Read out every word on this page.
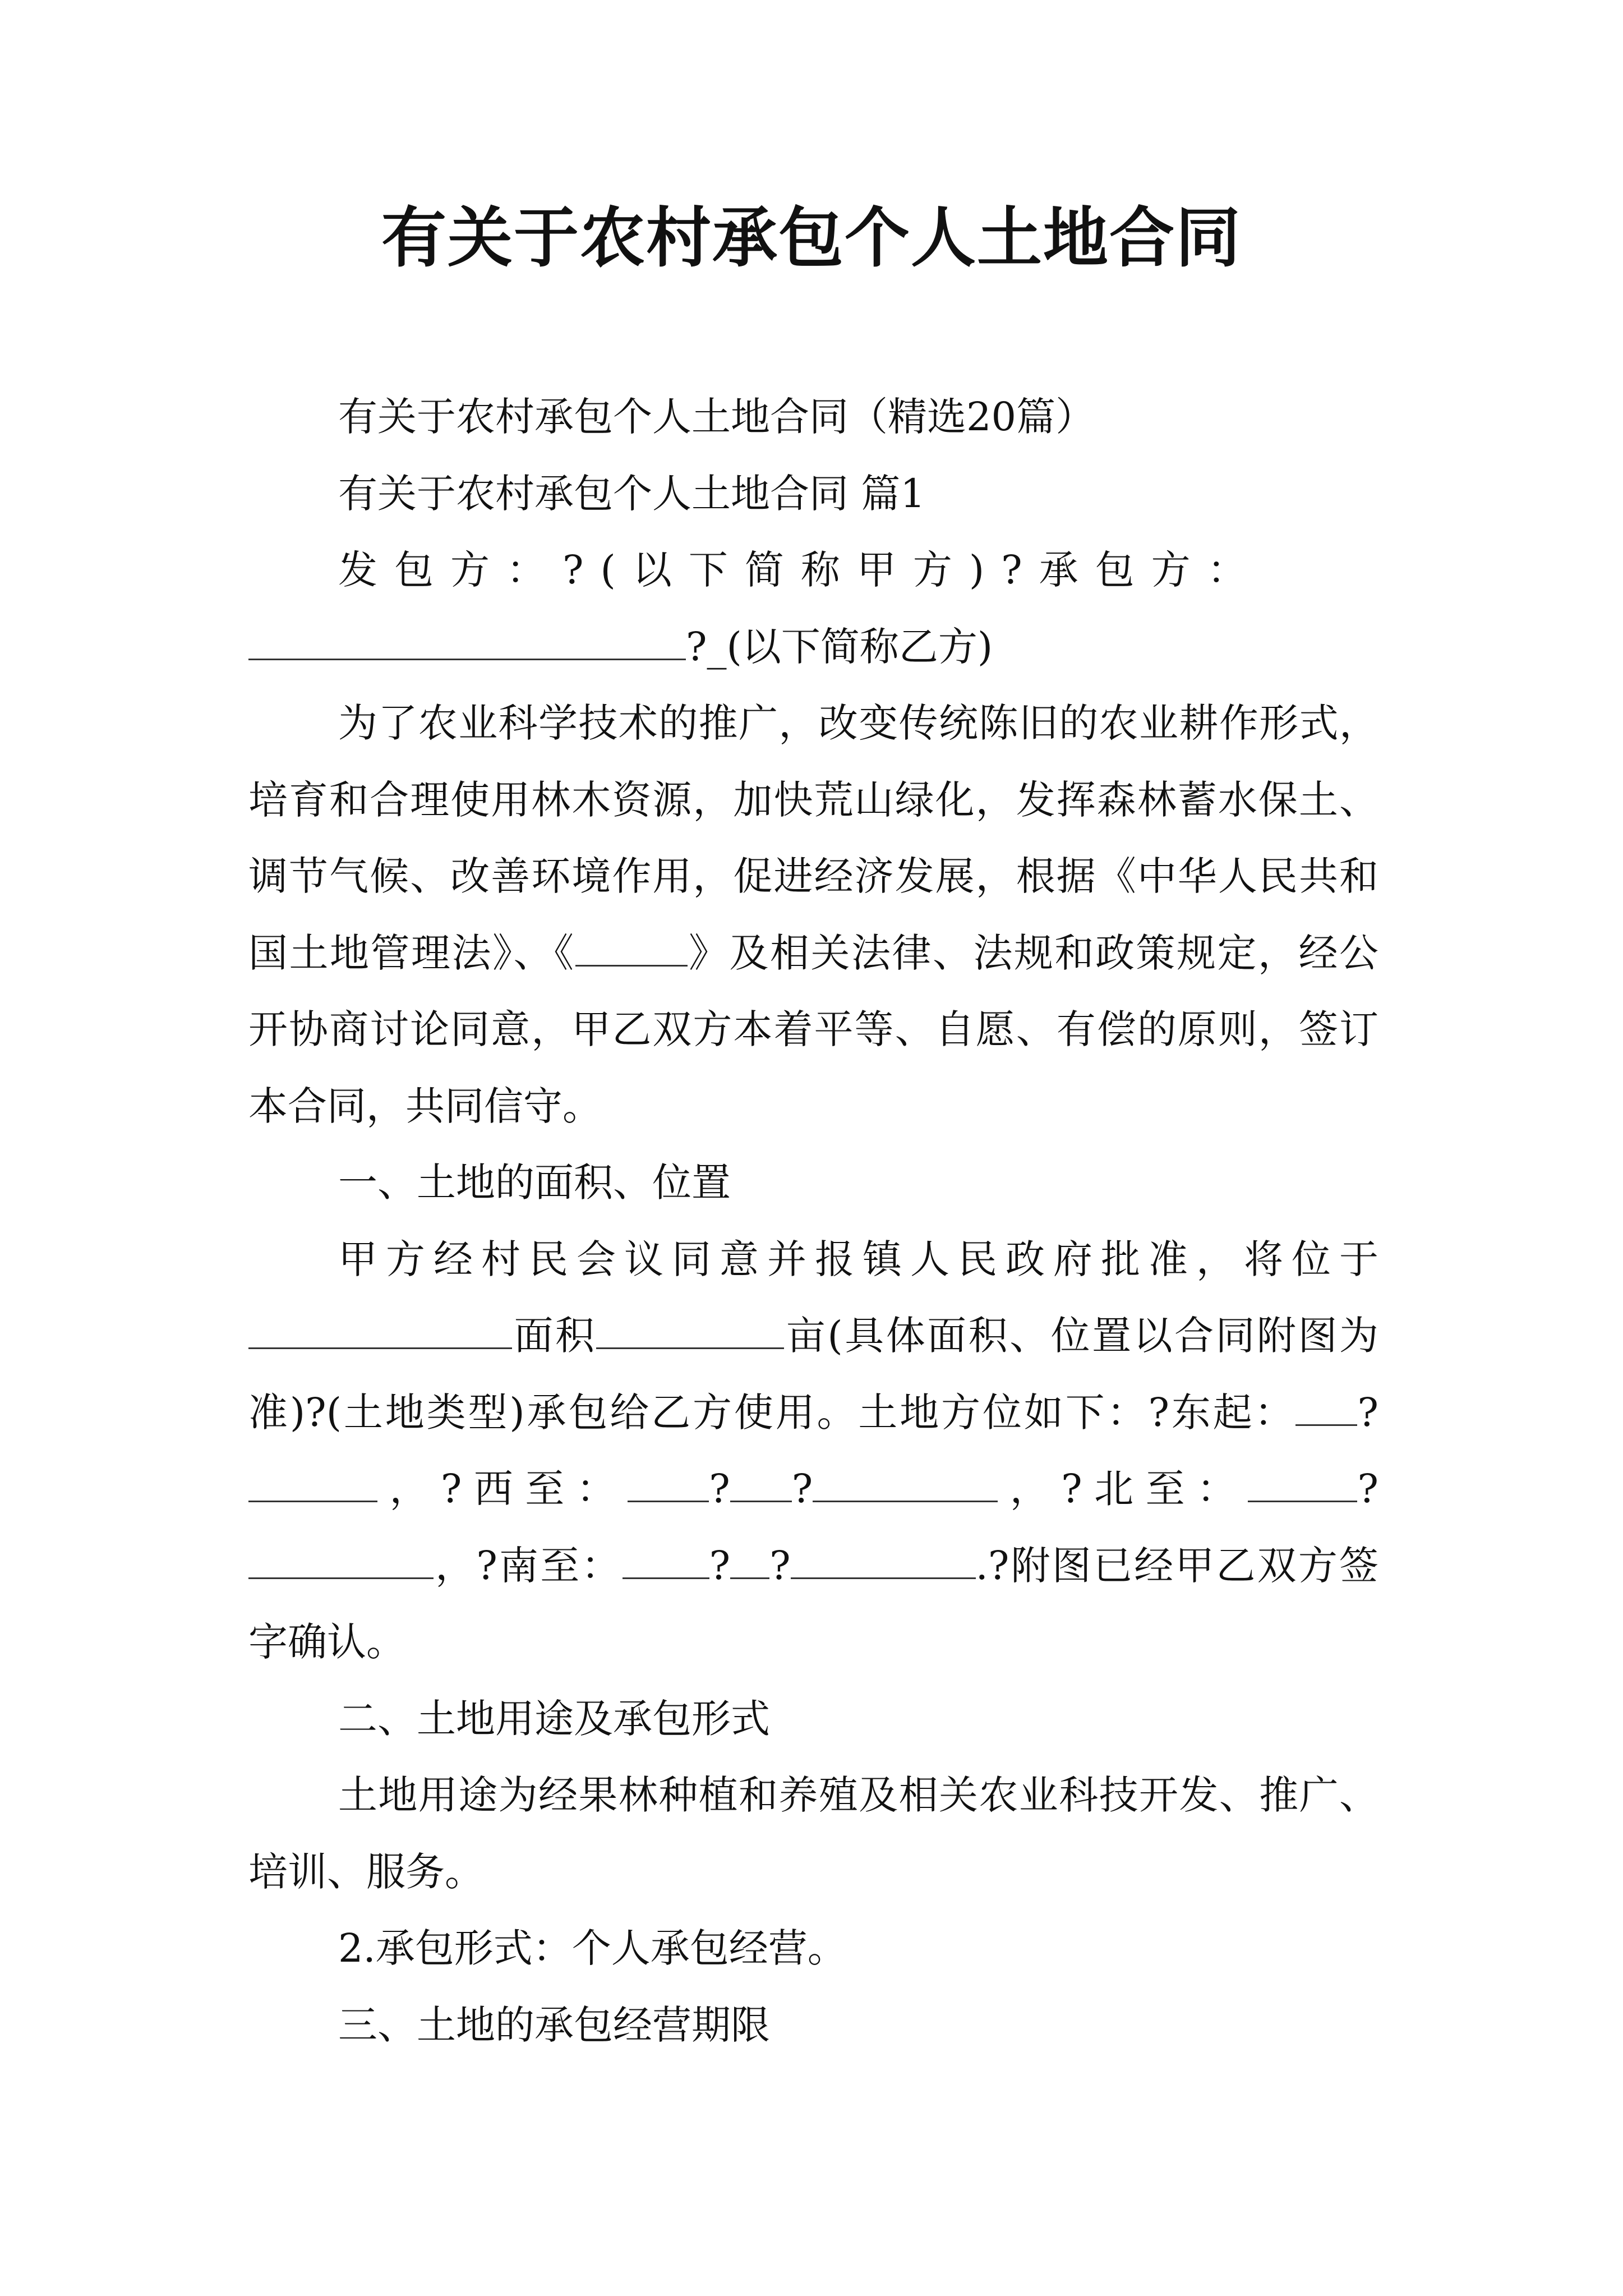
有关于农村承包个人土地合同

有关于农村承包个人土地合同（精选20篇）

有关于农村承包个人土地合同 篇1

发包方：?(以下简称甲方)?承包方：

?_(以下简称乙方)

为了农业科学技术的推广，改变传统陈旧的农业耕作形式，培育和合理使用林木资源，加快荒山绿化，发挥森林蓄水保土、调节气候、改善环境作用，促进经济发展，根据《中华人民共和国土地管理法》、《	》及相关法律、法规和政策规定，经公开协商讨论同意，甲乙双方本着平等、自愿、有偿的原则，签订本合同，共同信守。

一、土地的面积、位置

甲方经村民会议同意并报镇人民政府批准，将位于面积	亩(具体面积、位置以合同附图为准)?(土地类型)承包给乙方使用。土地方位如下：?东起： ?，?西至： ? ?	，?北至：	?，?南至： ? ?	.?附图已经甲乙双方签字确认。

二、土地用途及承包形式

土地用途为经果林种植和养殖及相关农业科技开发、推广、培训、服务。

2.承包形式：个人承包经营。

三、土地的承包经营期限
